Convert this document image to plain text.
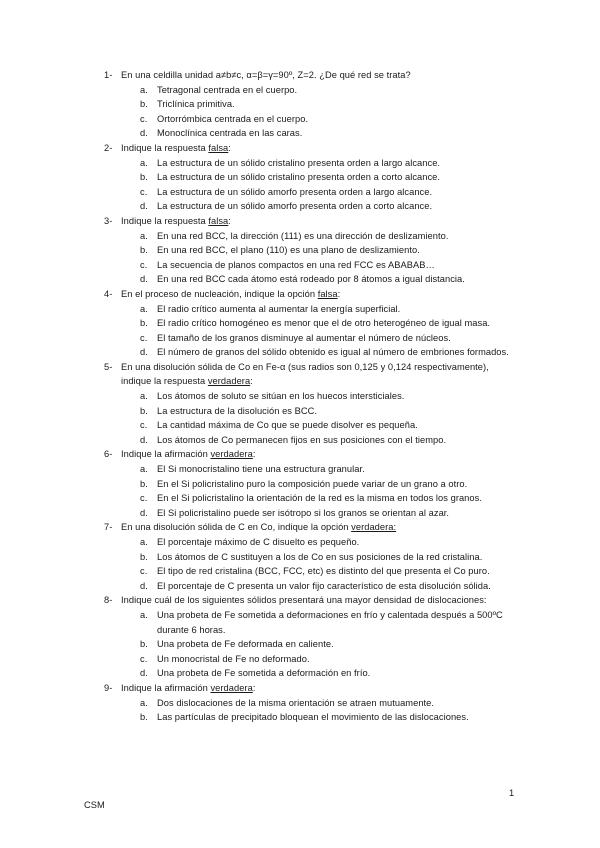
1- En una celdilla unidad a≠b≠c, α=β=γ=90º, Z=2. ¿De qué red se trata?
a. Tetragonal centrada en el cuerpo.
b. Triclínica primitiva.
c. Ortorrómbica centrada en el cuerpo.
d. Monoclínica centrada en las caras.
2- Indique la respuesta falsa:
a. La estructura de un sólido cristalino presenta orden a largo alcance.
b. La estructura de un sólido cristalino presenta orden a corto alcance.
c. La estructura de un sólido amorfo presenta orden a largo alcance.
d. La estructura de un sólido amorfo presenta orden a corto alcance.
3- Indique la respuesta falsa:
a. En una red BCC, la dirección (111) es una dirección de deslizamiento.
b. En una red BCC, el plano (110) es una plano de deslizamiento.
c. La secuencia de planos compactos en una red FCC es ABABAB…
d. En una red BCC cada átomo está rodeado por 8 átomos a igual distancia.
4- En el proceso de nucleación, indique la opción falsa:
a. El radio crítico aumenta al aumentar la energía superficial.
b. El radio crítico homogéneo es menor que el de otro heterogéneo de igual masa.
c. El tamaño de los granos disminuye al aumentar el número de núcleos.
d. El número de granos del sólido obtenido es igual al número de embriones formados.
5- En una disolución sólida de Co en Fe-α (sus radios son 0,125 y 0,124 respectivamente), indique la respuesta verdadera:
a. Los átomos de soluto se sitúan en los huecos intersticiales.
b. La estructura de la disolución es BCC.
c. La cantidad máxima de Co que se puede disolver es pequeña.
d. Los átomos de Co permanecen fijos en sus posiciones con el tiempo.
6- Indique la afirmación verdadera:
a. El Si monocristalino tiene una estructura granular.
b. En el Si policristalino puro la composición puede variar de un grano a otro.
c. En el Si policristalino la orientación de la red es la misma en todos los granos.
d. El Si policristalino puede ser isótropo si los granos se orientan al azar.
7- En una disolución sólida de C en Co, indique la opción verdadera:
a. El porcentaje máximo de C disuelto es pequeño.
b. Los átomos de C sustituyen a los de Co en sus posiciones de la red cristalina.
c. El tipo de red cristalina (BCC, FCC, etc) es distinto del que presenta el Co puro.
d. El porcentaje de C presenta un valor fijo característico de esta disolución sólida.
8- Indique cuál de los siguientes sólidos presentará una mayor densidad de dislocaciones:
a. Una probeta de Fe sometida a deformaciones en frío y calentada después a 500ºC durante 6 horas.
b. Una probeta de Fe deformada en caliente.
c. Un monocristal de Fe no deformado.
d. Una probeta de Fe sometida a deformación en frío.
9- Indique la afirmación verdadera:
a. Dos dislocaciones de la misma orientación se atraen mutuamente.
b. Las partículas de precipitado bloquean el movimiento de las dislocaciones.
1
CSM
